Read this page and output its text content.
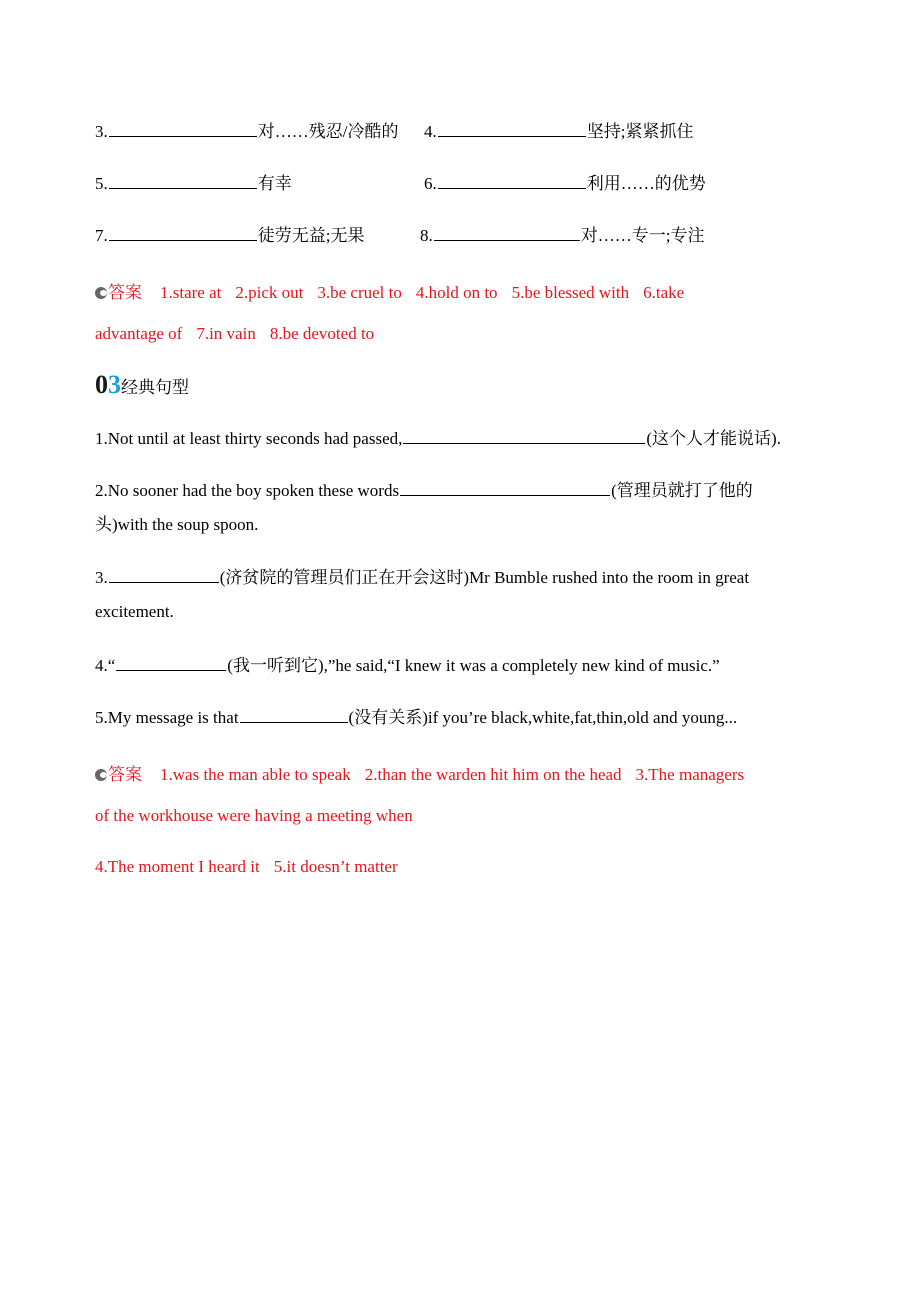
3.	对……残忍/冷酷的 4.	坚持;紧紧抓住
5.	有幸	6.	利用……的优势
7.	徒劳无益;无果	8.	对……专一;专注
答案 1.stare at 2.pick out 3.be cruel to 4.hold on to 5.be blessed with 6.take
advantage of 7.in vain 8.be devoted to
03经典句型
1.Not until at least thirty seconds had passed,	(这个人才能说话).
2.No sooner had the boy spoken these words	(管理员就打了他的
头)with the soup spoon.
3.	(济贫院的管理员们正在开会这时)Mr Bumble rushed into the room in great
excitement.
4.“	(我一听到它),”he said,“I knew it was a completely new kind of music.”
5.My message is that	(没有关系)if you’re black,white,fat,thin,old and young...
答案 1.was the man able to speak 2.than the warden hit him on the head 3.The managers
of the workhouse were having a meeting when
4.The moment I heard it 5.it doesn’t matter
